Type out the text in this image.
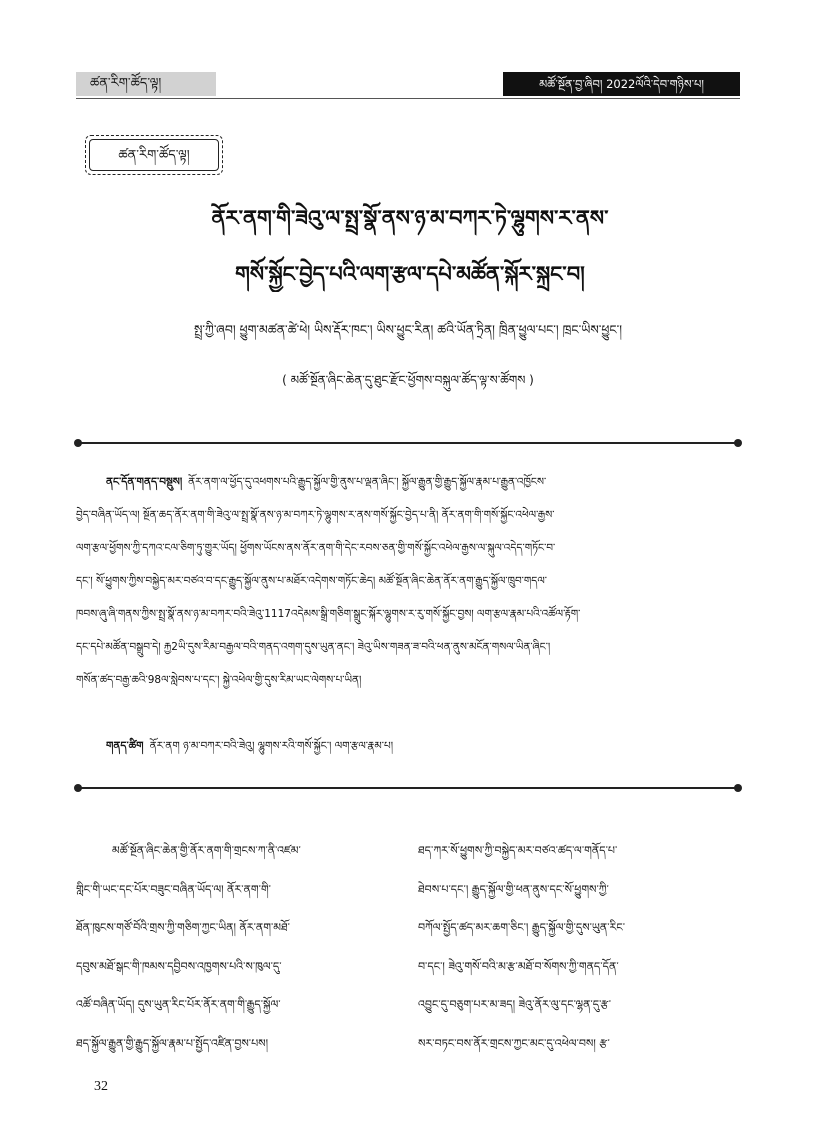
ཚན་རིག་ཚོད་ལྟ།	མཚོ་སྔོན་བྱ་ཞིབ། 2022ལོའི་དེབ་གཉིས་པ།
ཚན་རིག་ཚོད་ལྟ།
ནོར་ནག་གི་ཟེའུ་ལ་སྤྲ་སྣོ་ནས་ཉ་མ་བཀར་ཏེ་ལྷུགས་ར་ནས་
གསོ་སྐྱོང་བྱེད་པའི་ལག་རྩལ་དཔེ་མཚོན་སྐོར་སྐྲང་བ།
སྤྲ་ཀྱི་ཞབ། ཕྱུག་མཚན་ཚེ་ཕེ། ཡིས་རྡོར་ཁང་། ཡིས་ཕྱུང་རིན། ཚའི་ཡོན་ཏྲིན། ཁྲིན་ཕྱུལ་པང་། ཁྲང་ཡིས་ཕྱུང་།
( མཚོ་སྔོན་ཞིང་ཆེན་དུ་ཐུང་རྫོང་ཕྱོགས་བསྐུལ་ཚོད་ལྟ་ས་ཚོགས )
ནང་དོན་གནད་བསྡུས། ནོར་ནག་ལ་ཕྱོད་དུ་འཕགས་པའི་རྒྱུད་སྐྱོལ་གྱི་ནུས་པ་ལྡན་ཞིང་། སྐྱོལ་རྒྱུན་གྱི་རྒྱུད་སྐྱོལ་རྣམ་པ་རྒྱུན་འཁྱོངས་
བྱེད་བཞིན་ཡོད་ལ། སྔོན་ཆད་ནོར་ནག་གི་ཟེའུ་ལ་སྤྲ་སྣོ་ནས་ཉ་མ་བཀར་ཏེ་ལྷུགས་ར་ནས་གསོ་སྐྱོང་བྱེད་པ་ནི། ནོར་ནག་གི་གསོ་སྐྱོང་འཕེལ་རྒྱས་
ལག་རྩལ་ཕྱོགས་ཀྱི་དཀའ་ངལ་ཅིག་ཏུ་གྱུར་ཡོད། ཕྱོགས་ཡོངས་ནས་ནོར་ནག་གི་དེང་རབས་ཅན་གྱི་གསོ་སྐྱོང་འཕེལ་རྒྱས་ལ་སྐུལ་འདེད་གཏོང་བ་
དང་། སོ་ཕྱུགས་ཀྱིས་བསྐྱེད་མར་བཙའ་བ་དང་རྒྱུད་སྐྱོལ་ནུས་པ་མཐོར་འདེགས་གཏོང་ཆེད། མཚོ་སྔོན་ཞིང་ཆེན་ནོར་ནག་རྒྱུད་སྐྱོལ་ཁྲུབ་གདལ་
ཁབས་ཞུ་ཞི་གནས་ཀྱིས་སྤྲ་སྣོ་ནས་ཉ་མ་བཀར་བའི་ཟེའུ་1117འདེམས་སྒྲི་གཅིག་སྒྲུང་སྐོར་ལྷུགས་ར་རུ་གསོ་སྐྱོང་བྱས། ལག་རྩལ་རྣམ་པའི་འཚོལ་རྟོག་
དང་དཔེ་མཚོན་བསྒྲུབ་དེ། རྐྱ2ཡི་དུས་རིམ་བརྒྱལ་བའི་གནད་འགག་དུས་ཡུན་ནང་། ཟེའུ་ཡིས་གཟན་ཟ་བའི་ཕན་ནུས་མངོན་གསལ་ཡིན་ཞིང་།
གསོན་ཚད་བརྒྱ་ཆའི་98ལ་སླེབས་པ་དང་། སྐྱེ་འཕེལ་གྱི་དུས་རིམ་ཡང་ལེགས་པ་ཡིན།
གནད་ཚིག ནོར་ནག ཉ་མ་བཀར་བའི་ཟེའུ། ལྷུགས་རའི་གསོ་སྐྱོང་། ལག་རྩལ་རྣམ་པ།
མཚོ་སྔོན་ཞིང་ཆེན་གྱི་ནོར་ནག་གི་གྲངས་ཀ་ནི་འཛམ་
གླིང་གི་ཡང་དང་པོར་བཟུང་བཞིན་ཡོད་ལ། ནོར་ནག་གི་
ཐོན་ཁུངས་གཙོ་བོའི་གྲས་ཀྱི་གཅིག་ཀྱང་ཡིན། ནོར་ནག་མཐོ་
དབུས་མཐོ་སྒང་གི་ཁམས་དབྱིབས་འཁྱགས་པའི་ས་ཁུལ་དུ་
འཚོ་བཞིན་ཡོད། དུས་ཡུན་རིང་པོར་ནོར་ནག་གི་རྒྱུད་སྐྱོལ་
ཐད་སྐྱོལ་རྒྱུན་གྱི་རྒྱུད་སྐྱོལ་རྣམ་པ་སྤྱོད་འཛིན་བྱས་པས།
ཐད་ཀར་སོ་ཕྱུགས་ཀྱི་བསྐྱེད་མར་བཙའ་ཚད་ལ་གནོད་པ་
ཐེབས་པ་དང་། རྒྱུད་སྐྱོལ་གྱི་ཕན་ནུས་དང་སོ་ཕྱུགས་ཀྱི་
བཀོལ་སྤྱོད་ཚད་མར་ཆག་ཅིང་། རྒྱུད་སྐྱོལ་གྱི་དུས་ཡུན་རིང་
བ་དང་། ཟེའུ་གསོ་བའི་མ་རྩ་མཐོ་བ་སོགས་ཀྱི་གནད་དོན་
འབྱུང་དུ་བཅུག་པར་མ་ཟད། ཟེའུ་ནོར་ལུ་དང་ལྷན་དུ་རྩ་
སར་བཏང་བས་ནོར་གྲངས་ཀྱང་མང་དུ་འཕེལ་བས། རྩ་
32
